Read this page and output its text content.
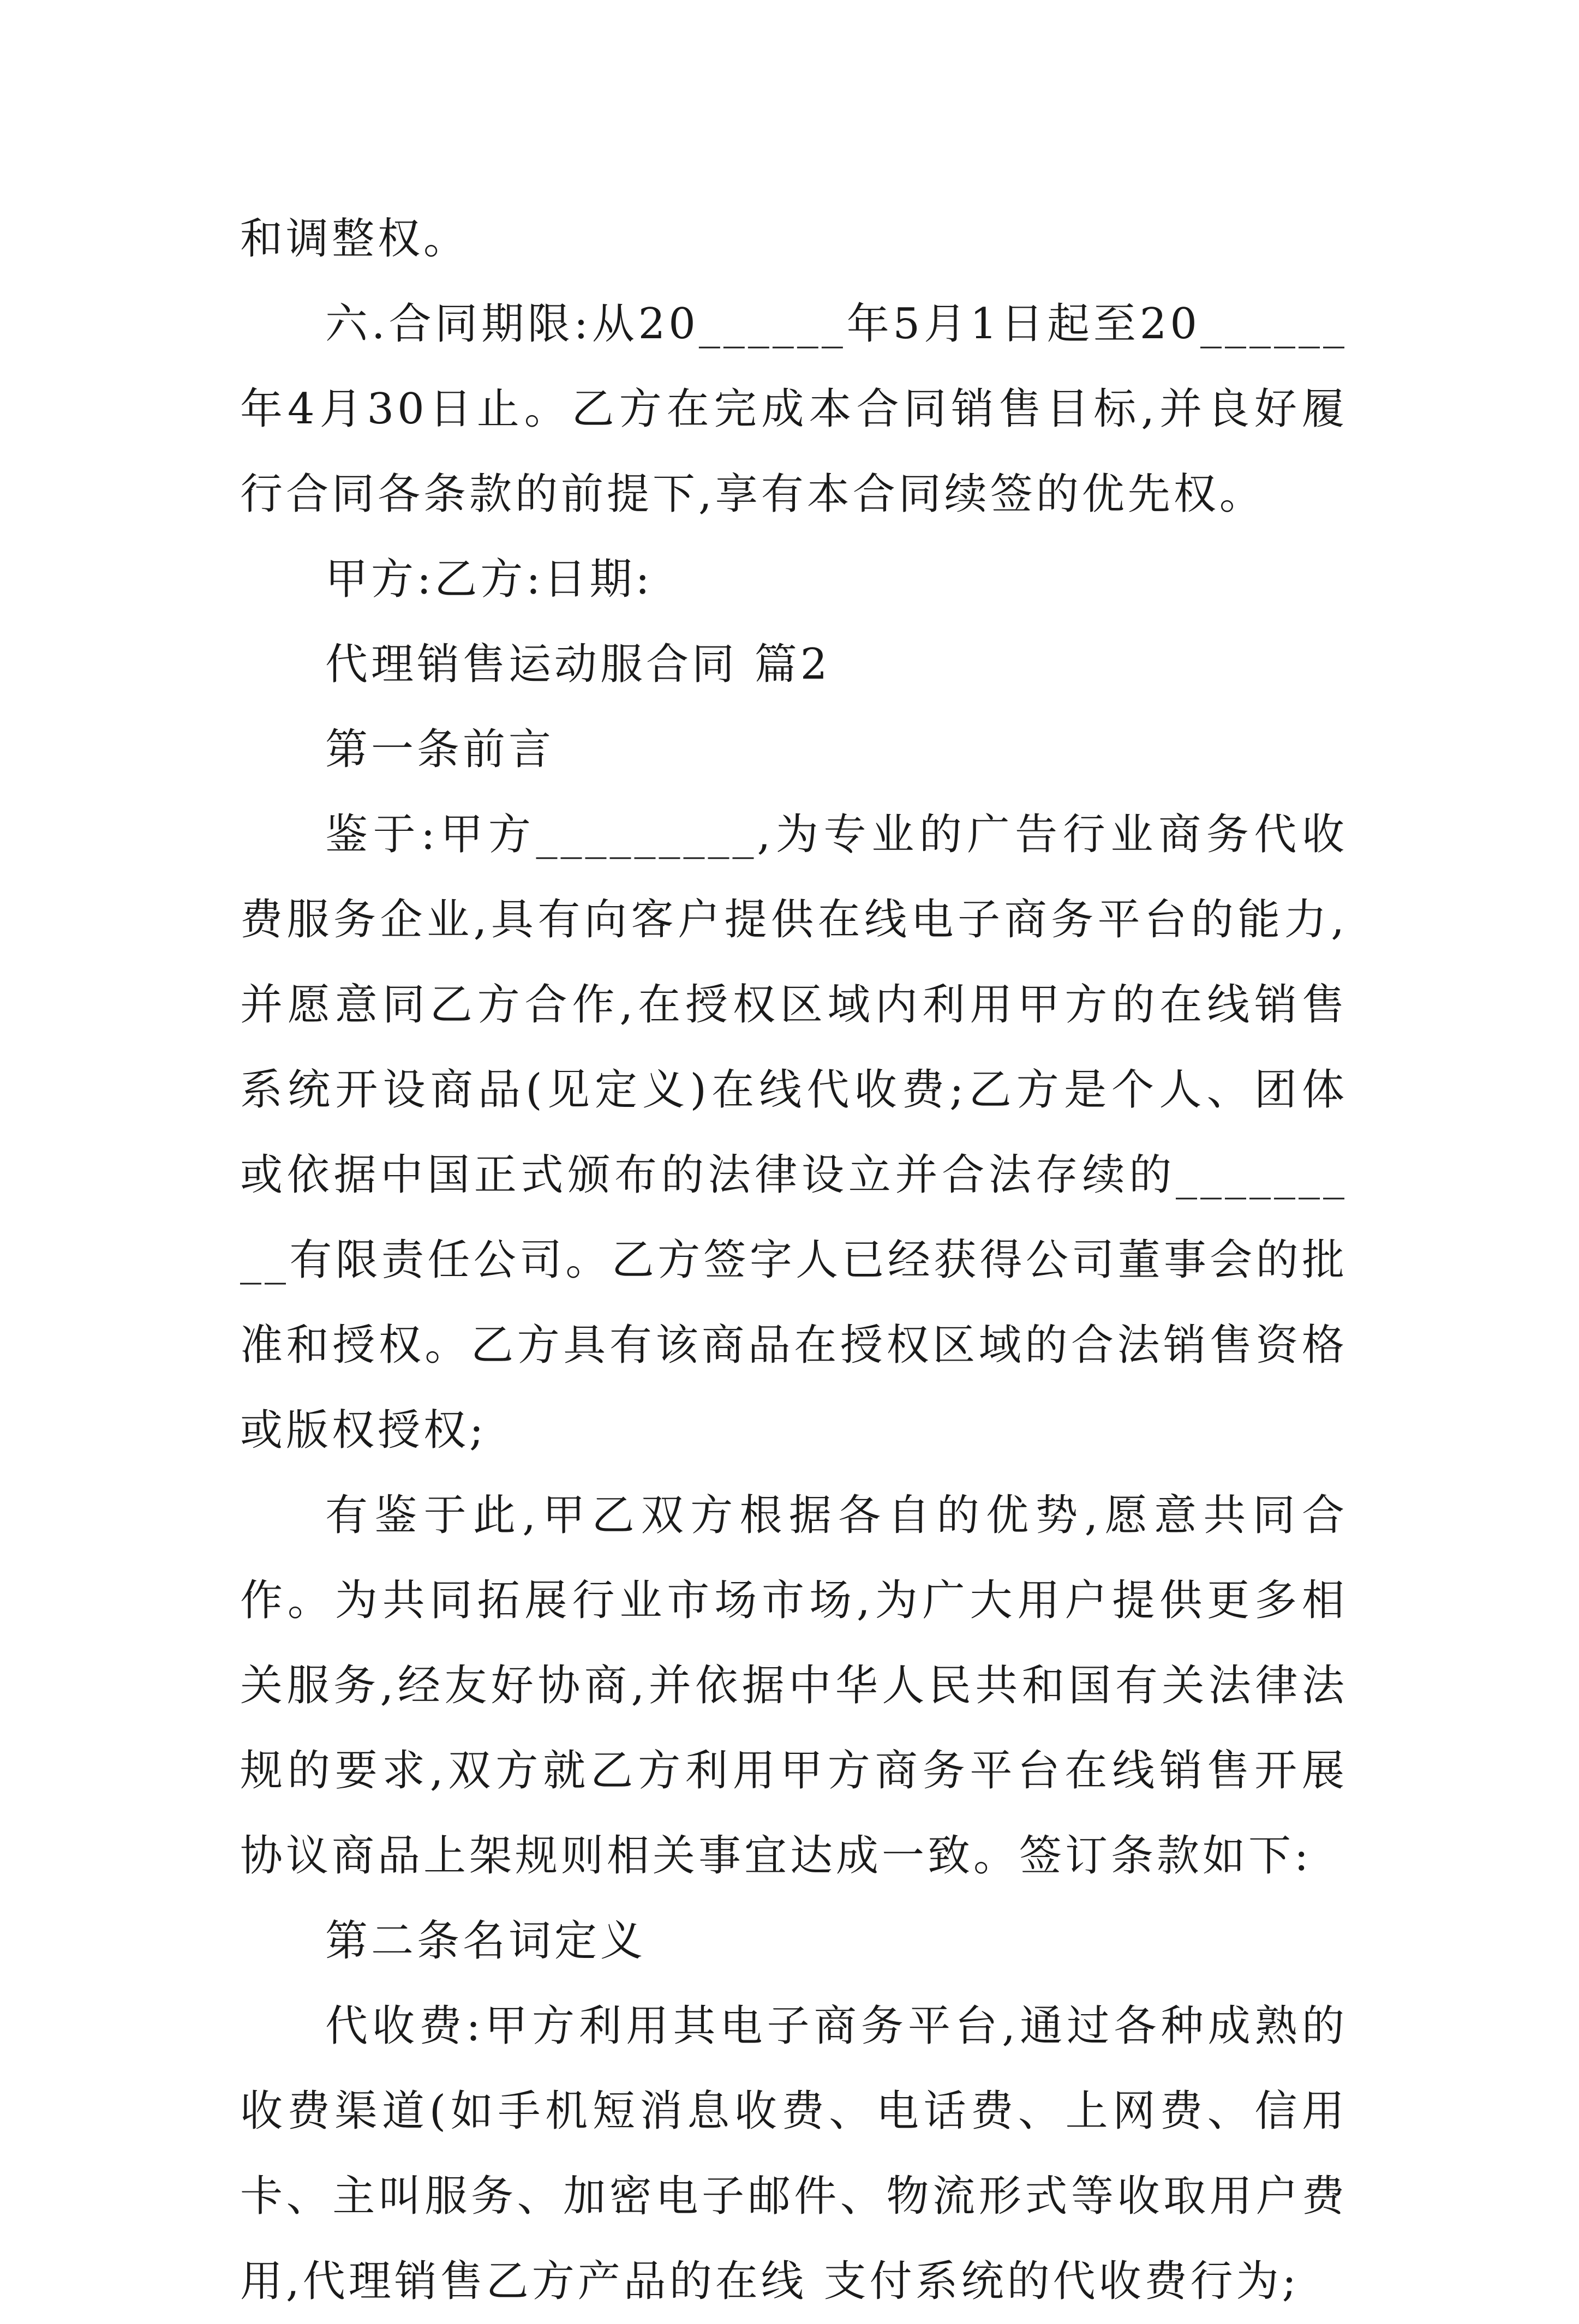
和调整权。

六.合同期限:从20______年5月1日起至20______年4月30日止。乙方在完成本合同销售目标,并良好履行合同各条款的前提下,享有本合同续签的优先权。

甲方:乙方:日期:

代理销售运动服合同 篇2

第一条前言

鉴于:甲方_________,为专业的广告行业商务代收费服务企业,具有向客户提供在线电子商务平台的能力,并愿意同乙方合作,在授权区域内利用甲方的在线销售系统开设商品(见定义)在线代收费;乙方是个人、团体或依据中国正式颁布的法律设立并合法存续的_________有限责任公司。乙方签字人已经获得公司董事会的批准和授权。乙方具有该商品在授权区域的合法销售资格或版权授权;

有鉴于此,甲乙双方根据各自的优势,愿意共同合作。为共同拓展行业市场市场,为广大用户提供更多相关服务,经友好协商,并依据中华人民共和国有关法律法规的要求,双方就乙方利用甲方商务平台在线销售开展协议商品上架规则相关事宜达成一致。签订条款如下:

第二条名词定义

代收费:甲方利用其电子商务平台,通过各种成熟的收费渠道(如手机短消息收费、电话费、上网费、信用卡、主叫服务、加密电子邮件、物流形式等收取用户费用,代理销售乙方产品的在线 支付系统的代收费行为;
